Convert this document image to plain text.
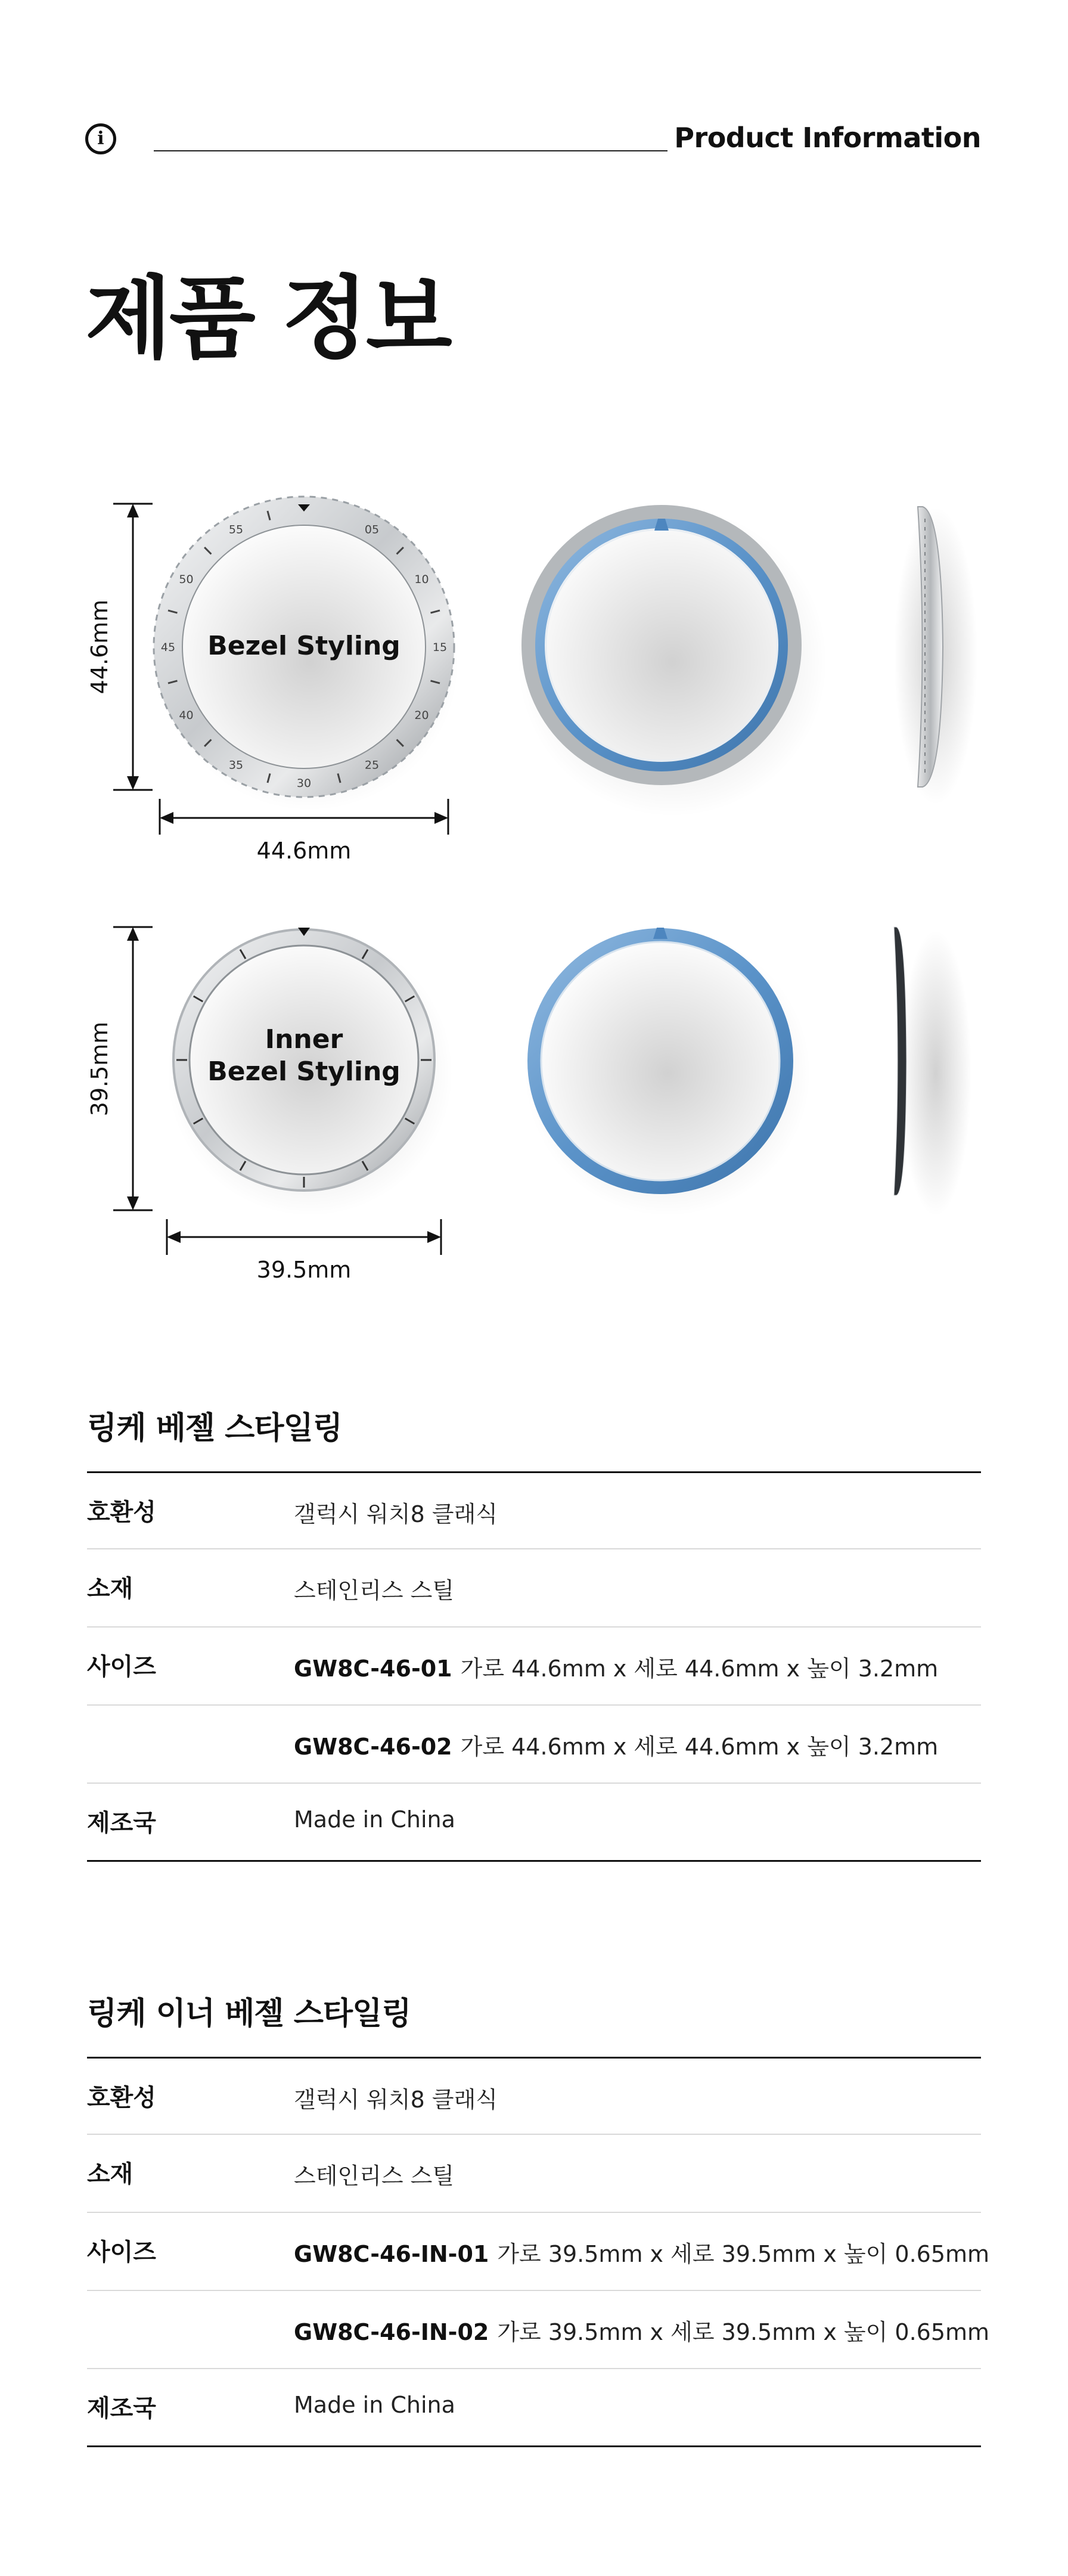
i	Product Information
제품 정보
55	05
10
15
20
25
30
35
40
45
50
Bezel Styling
44.6mm
44.6mm
Inner
Bezel Styling
39.5mm
39.5mm
링케 베젤 스타일링
호환성	갤럭시 워치8 클래식
소재	스테인리스 스틸
사이즈	GW8C-46-01 가로 44.6mm x 세로 44.6mm x 높이 3.2mm
GW8C-46-02 가로 44.6mm x 세로 44.6mm x 높이 3.2mm
제조국	Made in China
링케 이너 베젤 스타일링
호환성	갤럭시 워치8 클래식
소재	스테인리스 스틸
사이즈	GW8C-46-IN-01 가로 39.5mm x 세로 39.5mm x 높이 0.65mm
GW8C-46-IN-02 가로 39.5mm x 세로 39.5mm x 높이 0.65mm
제조국	Made in China
